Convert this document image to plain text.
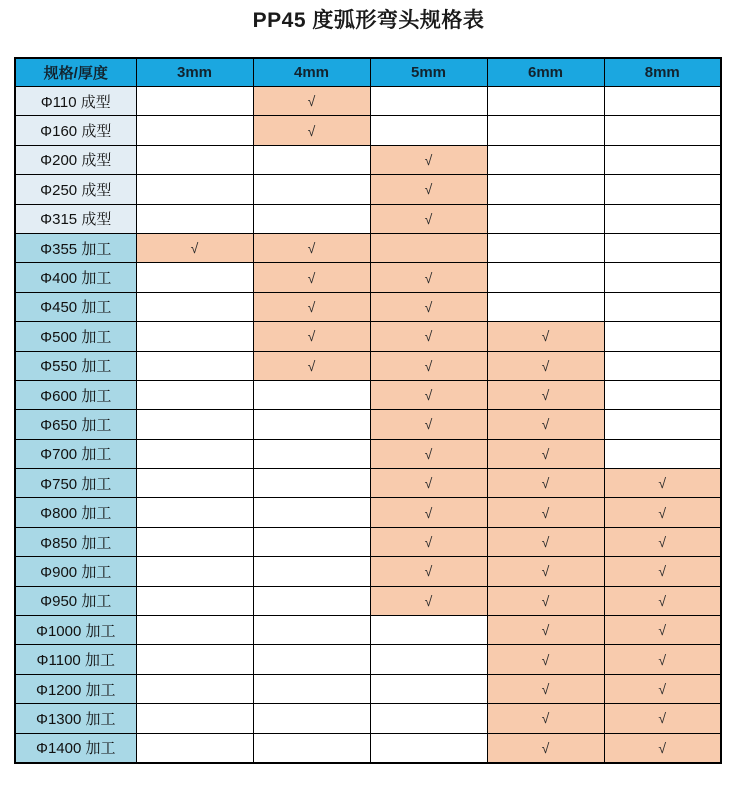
PP45 度弧形弯头规格表
规格/厚度	3mm	4mm	5mm	6mm	8mm
Φ110 成型		√			
Φ160 成型		√			
Φ200 成型			√		
Φ250 成型			√		
Φ315 成型			√		
Φ355 加工	√	√			
Φ400 加工		√	√		
Φ450 加工		√	√		
Φ500 加工		√	√	√	
Φ550 加工		√	√	√	
Φ600 加工			√	√	
Φ650 加工			√	√	
Φ700 加工			√	√	
Φ750 加工			√	√	√
Φ800 加工			√	√	√
Φ850 加工			√	√	√
Φ900 加工			√	√	√
Φ950 加工			√	√	√
Φ1000 加工				√	√
Φ1100 加工				√	√
Φ1200 加工				√	√
Φ1300 加工				√	√
Φ1400 加工				√	√
